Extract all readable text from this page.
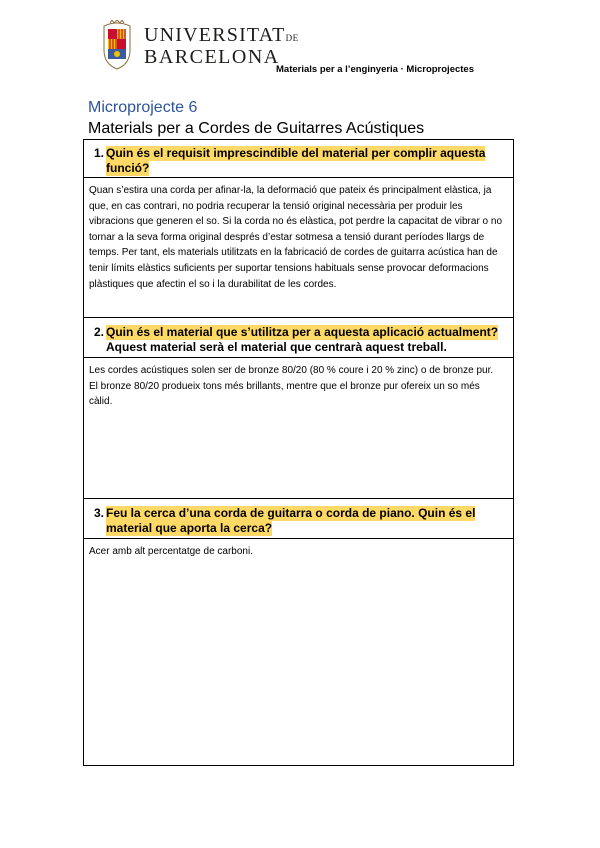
UNIVERSITATDE
BARCELONA
Materials per a l’enginyeria · Microprojectes
Microprojecte 6
Materials per a Cordes de Guitarres Acústiques
1. Quin és el requisit imprescindible del material per complir aquesta
funció?
Quan s’estira una corda per afinar-la, la deformació que pateix és principalment elàstica, ja que, en cas contrari, no podria recuperar la tensió original necessària per produir les vibracions que generen el so. Si la corda no és elàstica, pot perdre la capacitat de vibrar o no tornar a la seva forma original després d’estar sotmesa a tensió durant períodes llargs de temps. Per tant, els materials utilitzats en la fabricació de cordes de guitarra acústica han de tenir límits elàstics suficients per suportar tensions habituals sense provocar deformacions plàstiques que afectin el so i la durabilitat de les cordes.
2. Quin és el material que s’utilitza per a aquesta aplicació actualment?
Aquest material serà el material que centrarà aquest treball.
Les cordes acústiques solen ser de bronze 80/20 (80 % coure i 20 % zinc) o de bronze pur. El bronze 80/20 produeix tons més brillants, mentre que el bronze pur ofereix un so més càlid.
3. Feu la cerca d’una corda de guitarra o corda de piano. Quin és el
material que aporta la cerca?
Acer amb alt percentatge de carboni.
